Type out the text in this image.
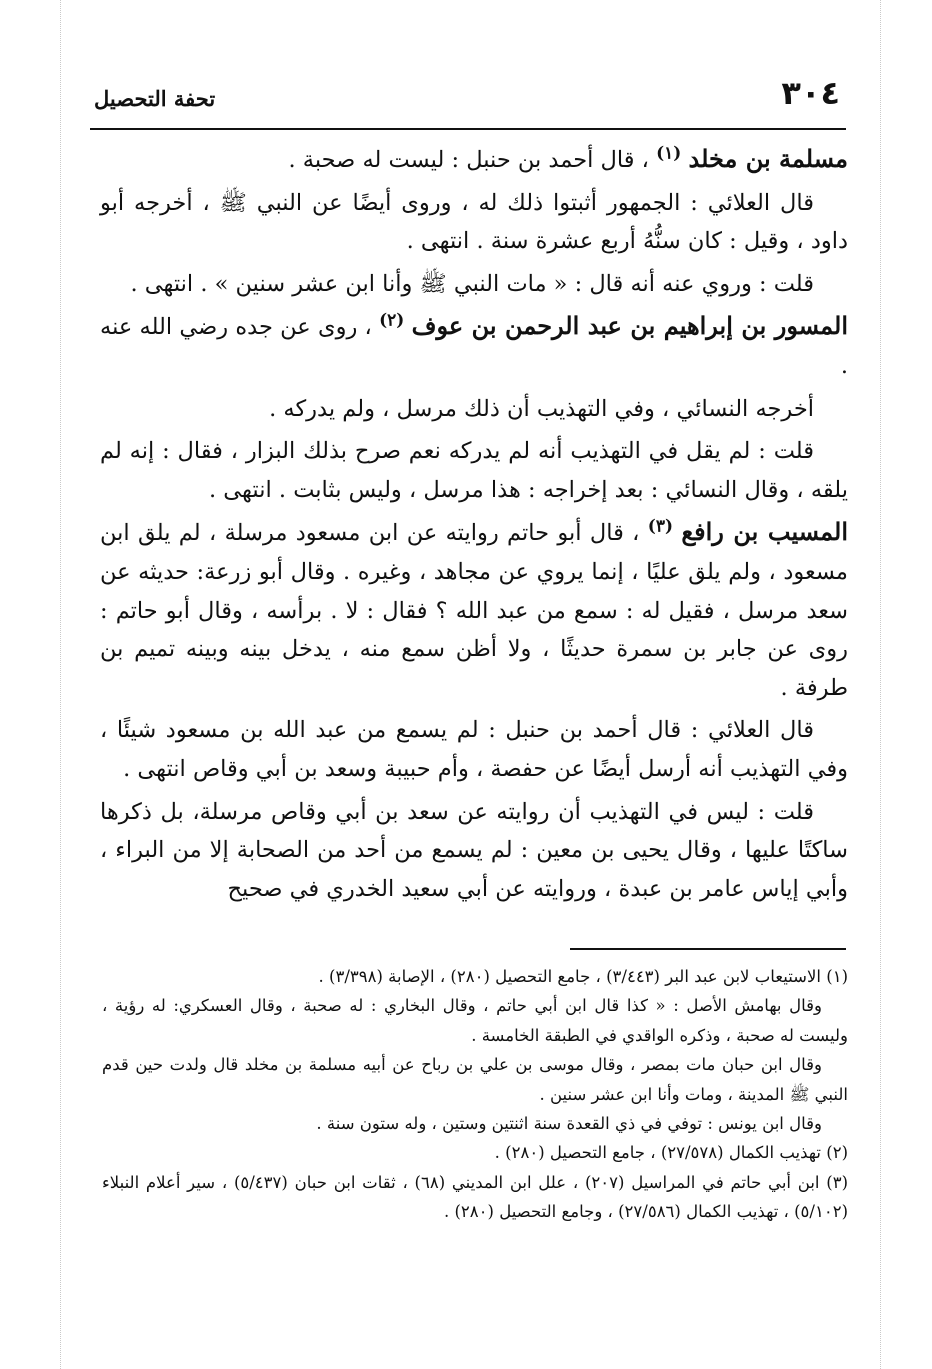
٣٠٤
تحفة التحصيل

مسلمة بن مخلد $^{(١)}$ ، قال أحمد بن حنبل : ليست له صحبة .

قال العلائي : الجمهور أثبتوا ذلك له ، وروى أيضًا عن النبي ﷺ ، أخرجه أبو داود ، وقيل : كان سنُّهُ أربع عشرة سنة . انتهى .

قلت : وروي عنه أنه قال : « مات النبي ﷺ وأنا ابن عشر سنين » . انتهى .

المسور بن إبراهيم بن عبد الرحمن بن عوف $^{(٢)}$ ، روى عن جده رضي الله عنه .

أخرجه النسائي ، وفي التهذيب أن ذلك مرسل ، ولم يدركه .

قلت : لم يقل في التهذيب أنه لم يدركه نعم صرح بذلك البزار ، فقال : إنه لم يلقه ، وقال النسائي : بعد إخراجه : هذا مرسل ، وليس بثابت . انتهى .

المسيب بن رافع $^{(٣)}$ ، قال أبو حاتم روايته عن ابن مسعود مرسلة ، لم يلق ابن مسعود ، ولم يلق عليًا ، إنما يروي عن مجاهد ، وغيره . وقال أبو زرعة: حديثه عن سعد مرسل ، فقيل له : سمع من عبد الله ؟ فقال : لا . برأسه ، وقال أبو حاتم : روى عن جابر بن سمرة حديثًا ، ولا أظن سمع منه ، يدخل بينه وبينه تميم بن طرفة .

قال العلائي : قال أحمد بن حنبل : لم يسمع من عبد الله بن مسعود شيئًا ، وفي التهذيب أنه أرسل أيضًا عن حفصة ، وأم حبيبة وسعد بن أبي وقاص انتهى .

قلت : ليس في التهذيب أن روايته عن سعد بن أبي وقاص مرسلة، بل ذكرها ساكتًا عليها ، وقال يحيى بن معين : لم يسمع من أحد من الصحابة إلا من البراء ، وأبي إياس عامر بن عبدة ، وروايته عن أبي سعيد الخدري في صحيح

(١) الاستيعاب لابن عبد البر (٣/٤٤٣) ، جامع التحصيل (٢٨٠) ، الإصابة (٣/٣٩٨) .

وقال بهامش الأصل : « كذا قال ابن أبي حاتم ، وقال البخاري : له صحبة ، وقال العسكري: له رؤية ، وليست له صحبة ، وذكره الواقدي في الطبقة الخامسة .

وقال ابن حبان مات بمصر ، وقال موسى بن علي بن رباح عن أبيه مسلمة بن مخلد قال ولدت حين قدم النبي ﷺ المدينة ، ومات وأنا ابن عشر سنين .

وقال ابن يونس : توفي في ذي القعدة سنة اثنتين وستين ، وله ستون سنة .

(٢) تهذيب الكمال (٢٧/٥٧٨) ، جامع التحصيل (٢٨٠) .

(٣) ابن أبي حاتم في المراسيل (٢٠٧) ، علل ابن المديني (٦٨) ، ثقات ابن حبان (٥/٤٣٧) ، سير أعلام النبلاء (٥/١٠٢) ، تهذيب الكمال (٢٧/٥٨٦) ، وجامع التحصيل (٢٨٠) .
